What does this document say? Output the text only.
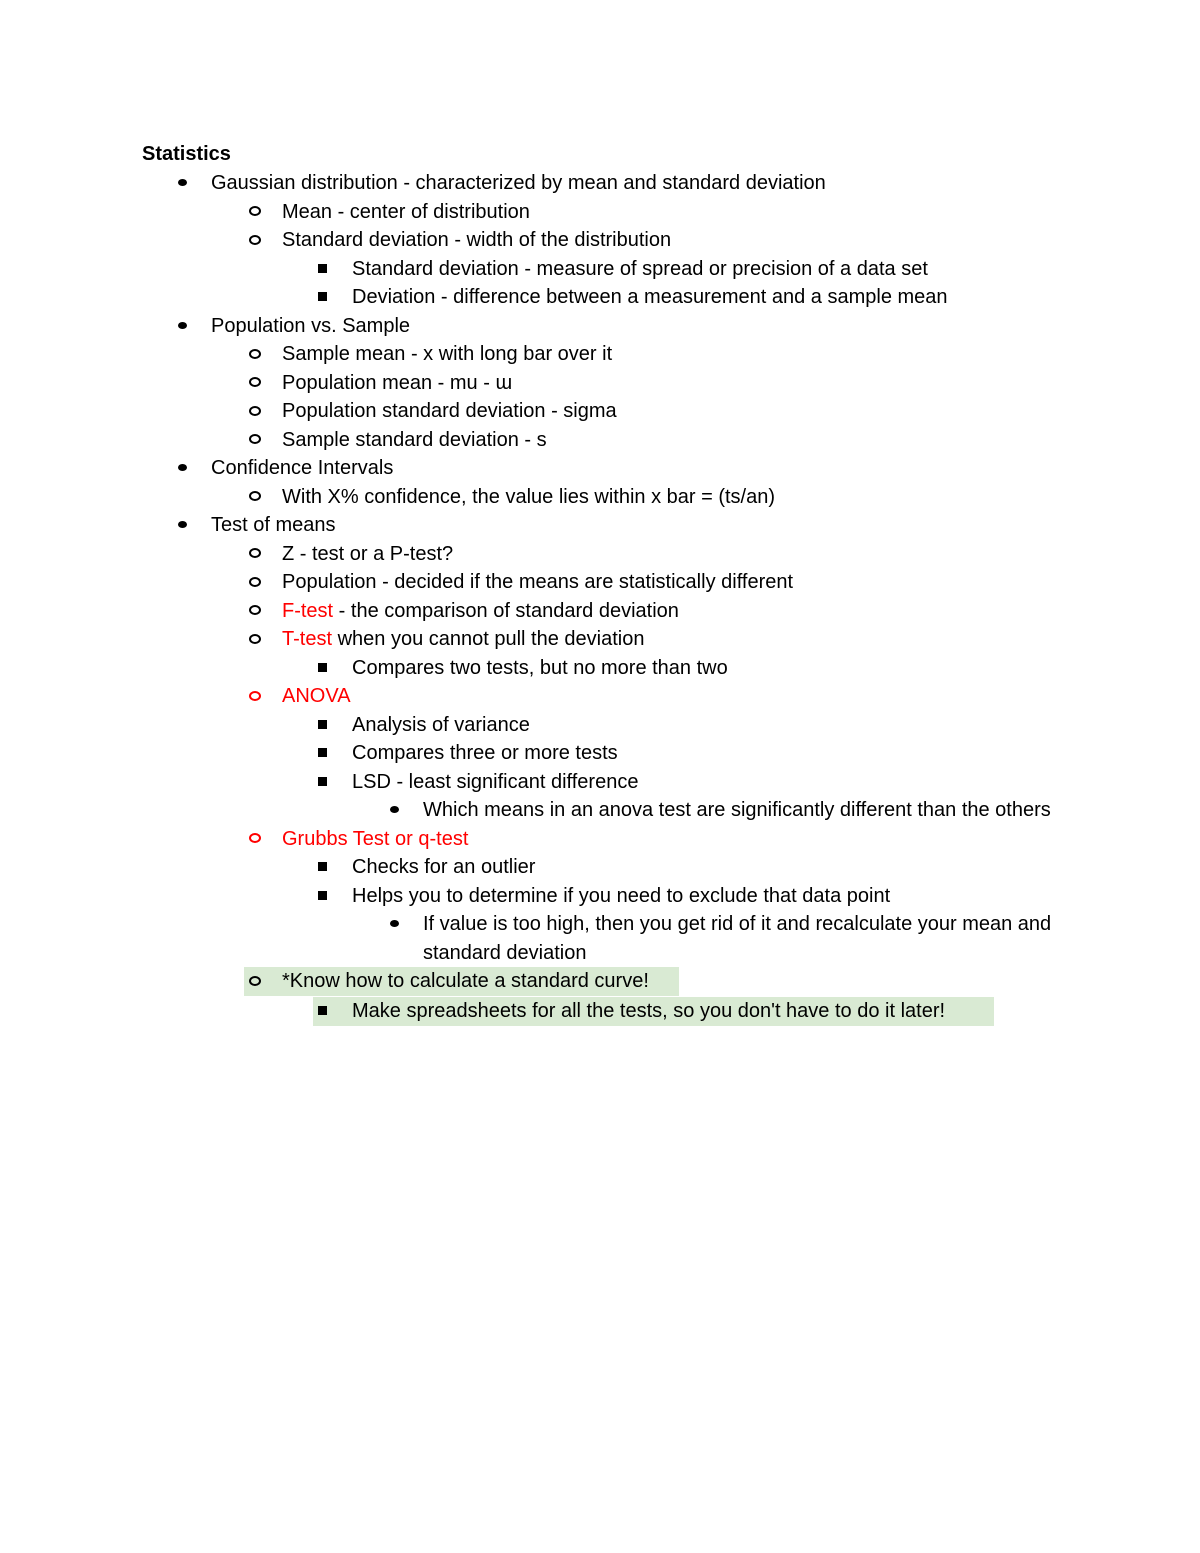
Statistics
Gaussian distribution - characterized by mean and standard deviation
Mean - center of distribution
Standard deviation - width of the distribution
Standard deviation - measure of spread or precision of a data set
Deviation - difference between a measurement and a sample mean
Population vs. Sample
Sample mean - x with long bar over it
Population mean - mu - ɯ
Population standard deviation - sigma
Sample standard deviation - s
Confidence Intervals
With X% confidence, the value lies within x bar = (ts/an)
Test of means
Z - test or a P-test?
Population - decided if the means are statistically different
F-test - the comparison of standard deviation
T-test when you cannot pull the deviation
Compares two tests, but no more than two
ANOVA
Analysis of variance
Compares three or more tests
LSD - least significant difference
Which means in an anova test are significantly different than the others
Grubbs Test or q-test
Checks for an outlier
Helps you to determine if you need to exclude that data point
If value is too high, then you get rid of it and recalculate your mean and standard deviation
*Know how to calculate a standard curve!
Make spreadsheets for all the tests, so you don't have to do it later!
